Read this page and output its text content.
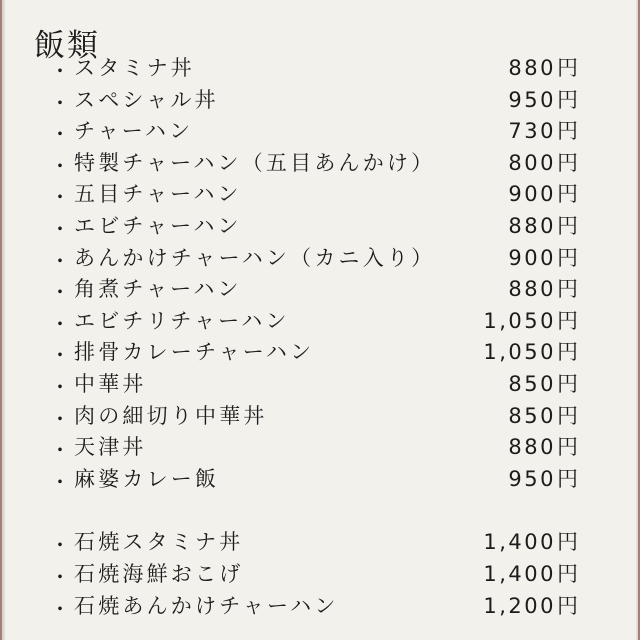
飯類
・ スタミナ丼	880 円
・ スペシャル丼	950 円
・ チャーハン	730 円
・ 特製チャーハン（五目あんかけ）	800 円
・ 五目チャーハン	900 円
・ エビチャーハン	880 円
・ あんかけチャーハン（カニ入り）	900 円
・ 角煮チャーハン	880 円
・ エビチリチャーハン	1,050 円
・ 排骨カレーチャーハン	1,050 円
・ 中華丼	850 円
・ 肉の細切り中華丼	850 円
・ 天津丼	880 円
・ 麻婆カレー飯	950 円
・ 石焼スタミナ丼	1,400 円
・ 石焼海鮮おこげ	1,400 円
・ 石焼あんかけチャーハン	1,200 円
